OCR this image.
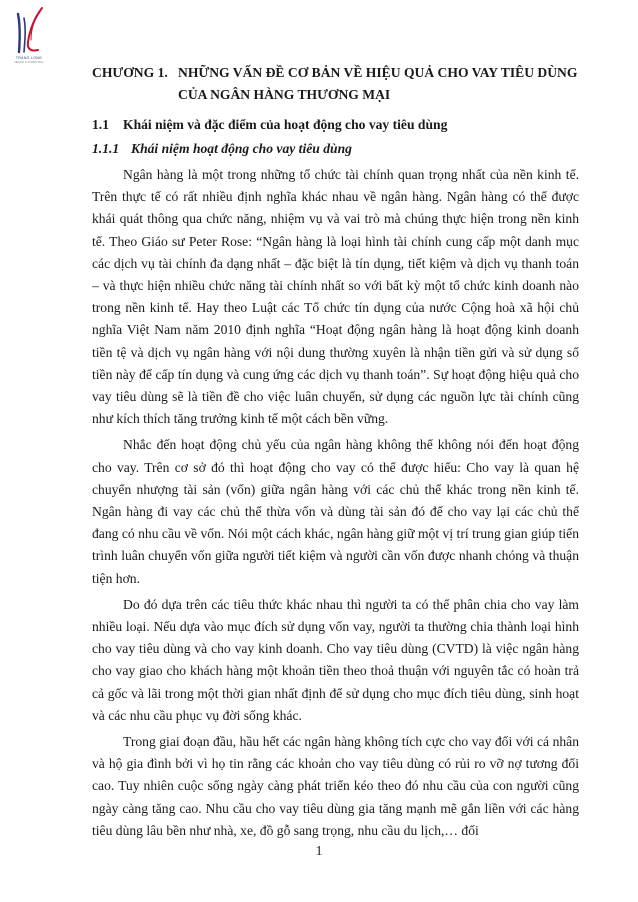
TRANG LONG
DESIGN & CONSULTING
CHƯƠNG 1. NHỮNG VẤN ĐỀ CƠ BẢN VỀ HIỆU QUẢ CHO VAY TIÊU DÙNG CỦA NGÂN HÀNG THƯƠNG MẠI
1.1 Khái niệm và đặc điểm của hoạt động cho vay tiêu dùng
1.1.1 Khái niệm hoạt động cho vay tiêu dùng

Ngân hàng là một trong những tổ chức tài chính quan trọng nhất của nền kinh tế. Trên thực tế có rất nhiều định nghĩa khác nhau về ngân hàng. Ngân hàng có thể được khái quát thông qua chức năng, nhiệm vụ và vai trò mà chúng thực hiện trong nền kinh tế. Theo Giáo sư Peter Rose: “Ngân hàng là loại hình tài chính cung cấp một danh mục các dịch vụ tài chính đa dạng nhất – đặc biệt là tín dụng, tiết kiệm và dịch vụ thanh toán – và thực hiện nhiều chức năng tài chính nhất so với bất kỳ một tổ chức kinh doanh nào trong nền kinh tế. Hay theo Luật các Tổ chức tín dụng của nước Cộng hoà xã hội chủ nghĩa Việt Nam năm 2010 định nghĩa “Hoạt động ngân hàng là hoạt động kinh doanh tiền tệ và dịch vụ ngân hàng với nội dung thường xuyên là nhận tiền gửi và sử dụng số tiền này để cấp tín dụng và cung ứng các dịch vụ thanh toán”. Sự hoạt động hiệu quả cho vay tiêu dùng sẽ là tiền đề cho việc luân chuyển, sử dụng các nguồn lực tài chính cũng như kích thích tăng trưởng kinh tế một cách bền vững.

Nhắc đến hoạt động chủ yếu của ngân hàng không thể không nói đến hoạt động cho vay. Trên cơ sở đó thì hoạt động cho vay có thể được hiểu: Cho vay là quan hệ chuyển nhượng tài sản (vốn) giữa ngân hàng với các chủ thể khác trong nền kinh tế. Ngân hàng đi vay các chủ thể thừa vốn và dùng tài sản đó để cho vay lại các chủ thể đang có nhu cầu về vốn. Nói một cách khác, ngân hàng giữ một vị trí trung gian giúp tiến trình luân chuyển vốn giữa người tiết kiệm và người cần vốn được nhanh chóng và thuận tiện hơn.

Do đó dựa trên các tiêu thức khác nhau thì người ta có thể phân chia cho vay làm nhiều loại. Nếu dựa vào mục đích sử dụng vốn vay, người ta thường chia thành loại hình cho vay tiêu dùng và cho vay kinh doanh. Cho vay tiêu dùng (CVTD) là việc ngân hàng cho vay giao cho khách hàng một khoản tiền theo thoả thuận với nguyên tắc có hoàn trả cả gốc và lãi trong một thời gian nhất định để sử dụng cho mục đích tiêu dùng, sinh hoạt và các nhu cầu phục vụ đời sống khác.

Trong giai đoạn đầu, hầu hết các ngân hàng không tích cực cho vay đối với cá nhân và hộ gia đình bởi vì họ tin rằng các khoản cho vay tiêu dùng có rủi ro vỡ nợ tương đối cao. Tuy nhiên cuộc sống ngày càng phát triển kéo theo đó nhu cầu của con người cũng ngày càng tăng cao. Nhu cầu cho vay tiêu dùng gia tăng mạnh mẽ gắn liền với các hàng tiêu dùng lâu bền như nhà, xe, đồ gỗ sang trọng, nhu cầu du lịch,… đối

1
